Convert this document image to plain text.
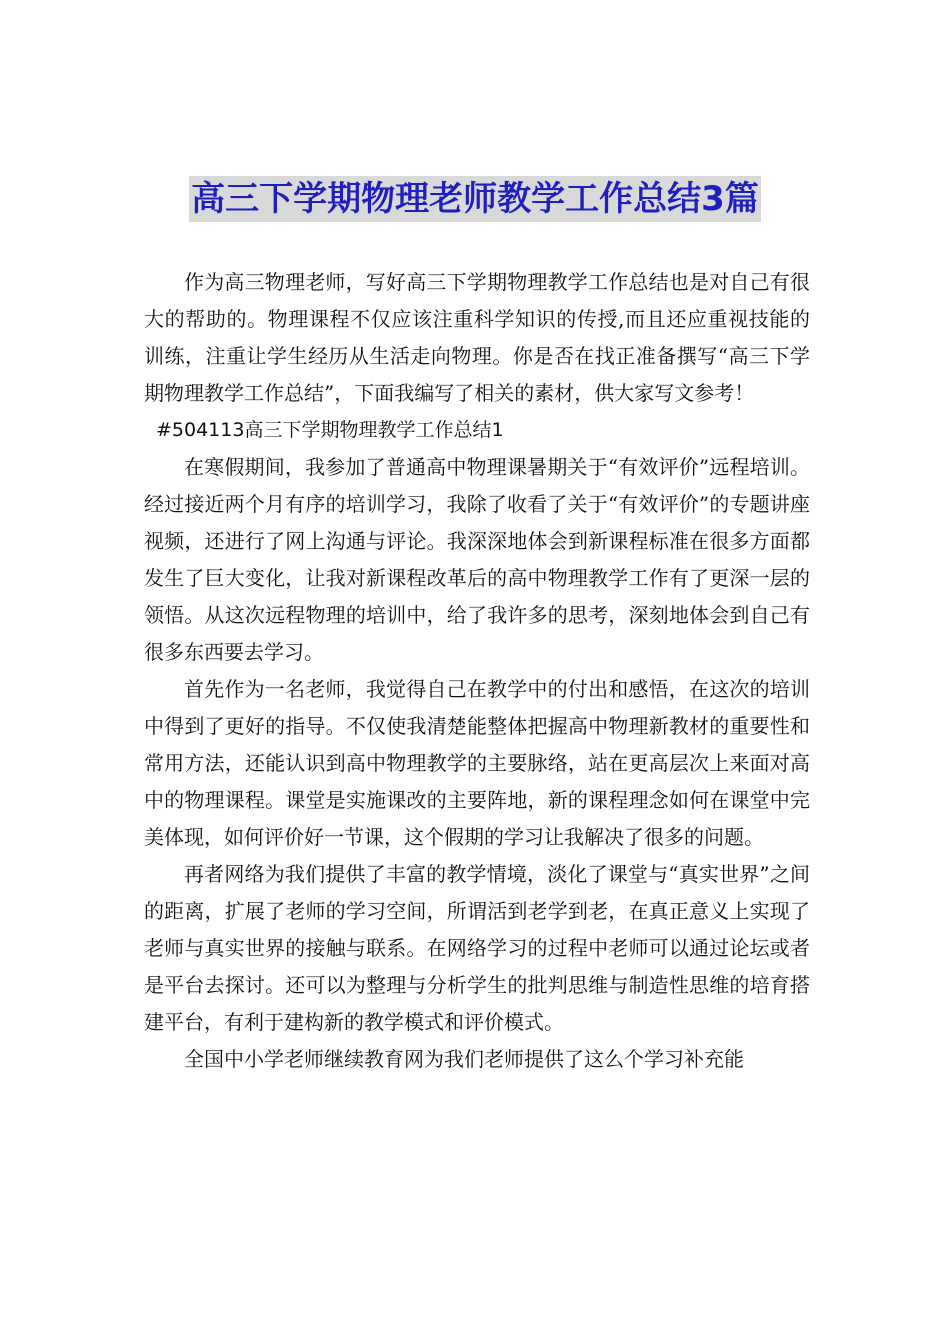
高三下学期物理老师教学工作总结3篇

作为高三物理老师，写好高三下学期物理教学工作总结也是对自己有很大的帮助的。物理课程不仅应该注重科学知识的传授,而且还应重视技能的训练，注重让学生经历从生活走向物理。你是否在找正准备撰写“高三下学期物理教学工作总结”，下面我编写了相关的素材，供大家写文参考！

#504113高三下学期物理教学工作总结1

在寒假期间，我参加了普通高中物理课暑期关于“有效评价”远程培训。经过接近两个月有序的培训学习，我除了收看了关于“有效评价”的专题讲座视频，还进行了网上沟通与评论。我深深地体会到新课程标准在很多方面都发生了巨大变化，让我对新课程改革后的高中物理教学工作有了更深一层的领悟。从这次远程物理的培训中，给了我许多的思考，深刻地体会到自己有很多东西要去学习。

首先作为一名老师，我觉得自己在教学中的付出和感悟，在这次的培训中得到了更好的指导。不仅使我清楚能整体把握高中物理新教材的重要性和常用方法，还能认识到高中物理教学的主要脉络，站在更高层次上来面对高中的物理课程。课堂是实施课改的主要阵地，新的课程理念如何在课堂中完美体现，如何评价好一节课，这个假期的学习让我解决了很多的问题。

再者网络为我们提供了丰富的教学情境，淡化了课堂与“真实世界”之间的距离，扩展了老师的学习空间，所谓活到老学到老，在真正意义上实现了老师与真实世界的接触与联系。在网络学习的过程中老师可以通过论坛或者是平台去探讨。还可以为整理与分析学生的批判思维与制造性思维的培育搭建平台，有利于建构新的教学模式和评价模式。

全国中小学老师继续教育网为我们老师提供了这么个学习补充能
